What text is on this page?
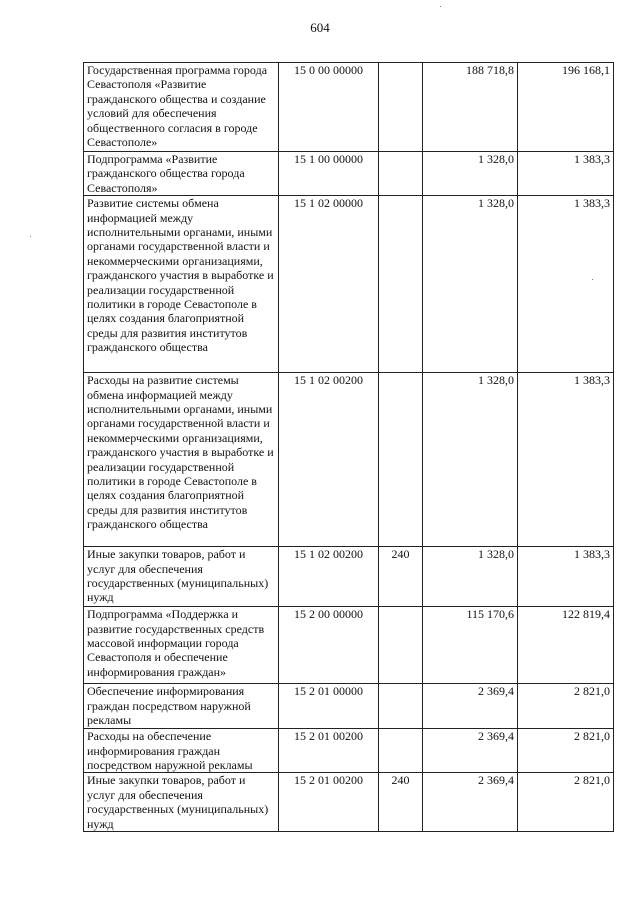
604
Государственная программа города Севастополя «Развитие гражданского общества и создание условий для обеспечения общественного согласия в городе Севастополе»	15 0 00 00000		188 718,8	196 168,1
Подпрограмма «Развитие гражданского общества города Севастополя»	15 1 00 00000		1 328,0	1 383,3
Развитие системы обмена информацией между исполнительными органами, иными органами государственной власти и некоммерческими организациями, гражданского участия в выработке и реализации государственной политики в городе Севастополе в целях создания благоприятной среды для развития институтов гражданского общества	15 1 02 00000		1 328,0	1 383,3
Расходы на развитие системы обмена информацией между исполнительными органами, иными органами государственной власти и некоммерческими организациями, гражданского участия в выработке и реализации государственной политики в городе Севастополе в целях создания благоприятной среды для развития институтов гражданского общества	15 1 02 00200		1 328,0	1 383,3
Иные закупки товаров, работ и услуг для обеспечения государственных (муниципальных) нужд	15 1 02 00200	240	1 328,0	1 383,3
Подпрограмма «Поддержка и развитие государственных средств массовой информации города Севастополя и обеспечение информирования граждан»	15 2 00 00000		115 170,6	122 819,4
Обеспечение информирования граждан посредством наружной рекламы	15 2 01 00000		2 369,4	2 821,0
Расходы на обеспечение информирования граждан посредством наружной рекламы	15 2 01 00200		2 369,4	2 821,0
Иные закупки товаров, работ и услуг для обеспечения государственных (муниципальных) нужд	15 2 01 00200	240	2 369,4	2 821,0
